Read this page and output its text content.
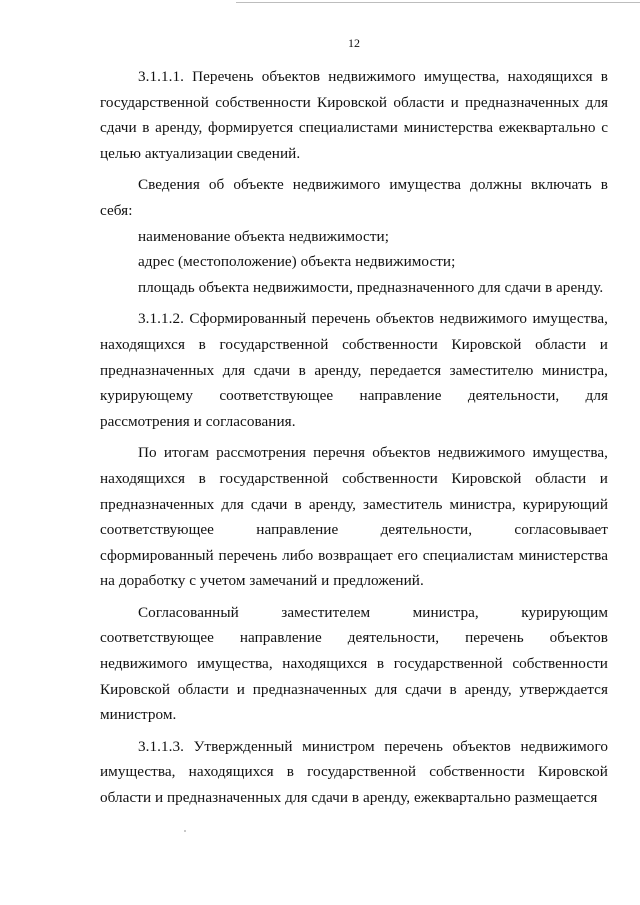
12

3.1.1.1. Перечень объектов недвижимого имущества, находящихся в государственной собственности Кировской области и предназначенных для сдачи в аренду, формируется специалистами министерства ежеквартально с целью актуализации сведений.

Сведения об объекте недвижимого имущества должны включать в себя:

наименование объекта недвижимости;

адрес (местоположение) объекта недвижимости;

площадь объекта недвижимости, предназначенного для сдачи в аренду.

3.1.1.2. Сформированный перечень объектов недвижимого имущества, находящихся в государственной собственности Кировской области и предназначенных для сдачи в аренду, передается заместителю министра, курирующему соответствующее направление деятельности, для рассмотрения и согласования.

По итогам рассмотрения перечня объектов недвижимого имущества, находящихся в государственной собственности Кировской области и предназначенных для сдачи в аренду, заместитель министра, курирующий соответствующее направление деятельности, согласовывает сформированный перечень либо возвращает его специалистам министерства на доработку с учетом замечаний и предложений.

Согласованный заместителем министра, курирующим соответствующее направление деятельности, перечень объектов недвижимого имущества, находящихся в государственной собственности Кировской области и предназначенных для сдачи в аренду, утверждается министром.

3.1.1.3. Утвержденный министром перечень объектов недвижимого имущества, находящихся в государственной собственности Кировской области и предназначенных для сдачи в аренду, ежеквартально размещается
